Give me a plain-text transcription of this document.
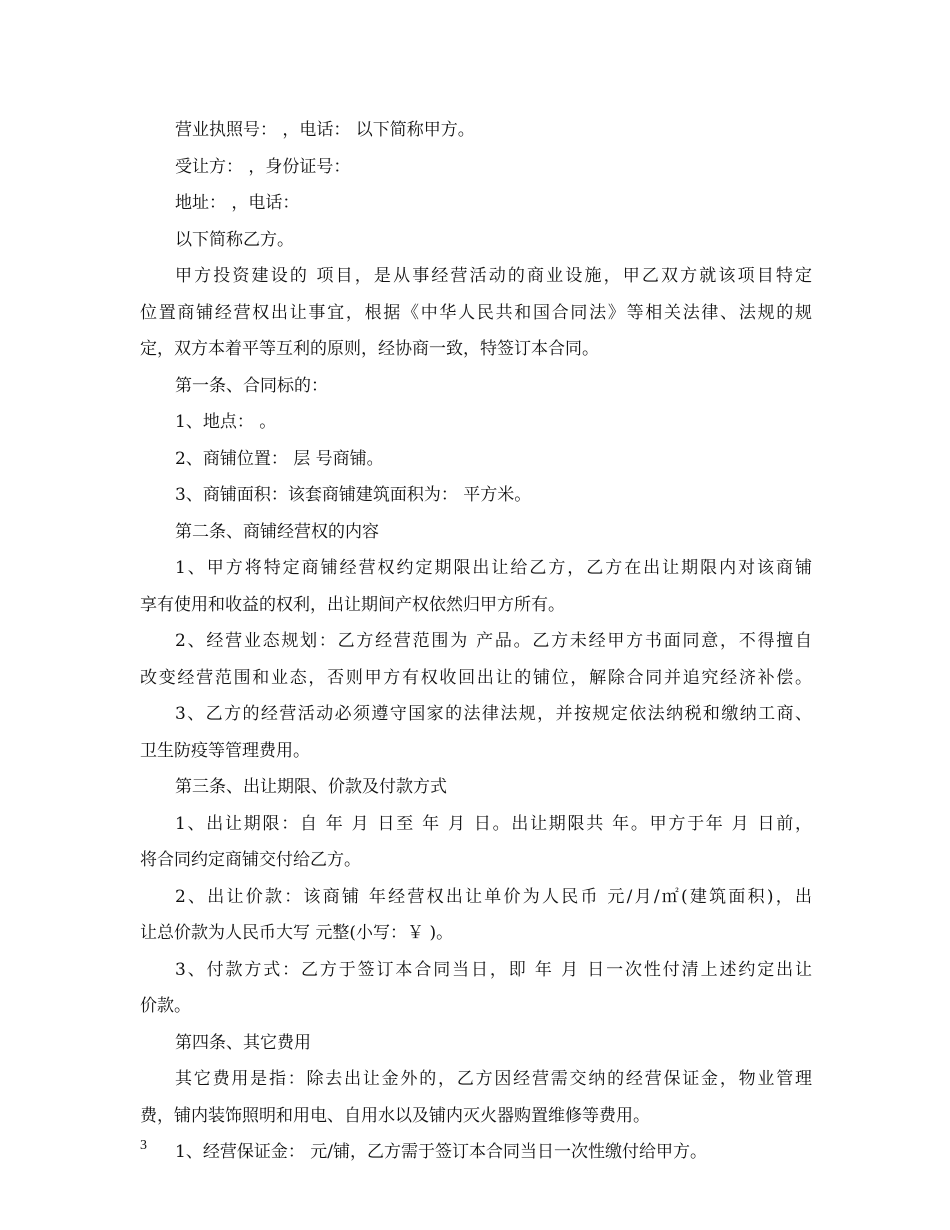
营业执照号： ，电话： 以下简称甲方。
受让方： ，身份证号：
地址： ，电话：
以下简称乙方。
甲方投资建设的 项目，是从事经营活动的商业设施，甲乙双方就该项目特定
位置商铺经营权出让事宜，根据《中华人民共和国合同法》等相关法律、法规的规
定，双方本着平等互利的原则，经协商一致，特签订本合同。
第一条、合同标的：
1、地点： 。
2、商铺位置： 层 号商铺。
3、商铺面积：该套商铺建筑面积为： 平方米。
第二条、商铺经营权的内容
1、甲方将特定商铺经营权约定期限出让给乙方，乙方在出让期限内对该商铺
享有使用和收益的权利，出让期间产权依然归甲方所有。
2、经营业态规划：乙方经营范围为 产品。乙方未经甲方书面同意，不得擅自
改变经营范围和业态，否则甲方有权收回出让的铺位，解除合同并追究经济补偿。
3、乙方的经营活动必须遵守国家的法律法规，并按规定依法纳税和缴纳工商、
卫生防疫等管理费用。
第三条、出让期限、价款及付款方式
1、出让期限：自 年 月 日至 年 月 日。出让期限共 年。甲方于年 月 日前，
将合同约定商铺交付给乙方。
2、出让价款：该商铺 年经营权出让单价为人民币 元/月/㎡(建筑面积)，出
让总价款为人民币大写 元整(小写：￥ )。
3、付款方式：乙方于签订本合同当日，即 年 月 日一次性付清上述约定出让
价款。
第四条、其它费用
其它费用是指：除去出让金外的，乙方因经营需交纳的经营保证金，物业管理
费，铺内装饰照明和用电、自用水以及铺内灭火器购置维修等费用。
1、经营保证金： 元/铺，乙方需于签订本合同当日一次性缴付给甲方。
3
